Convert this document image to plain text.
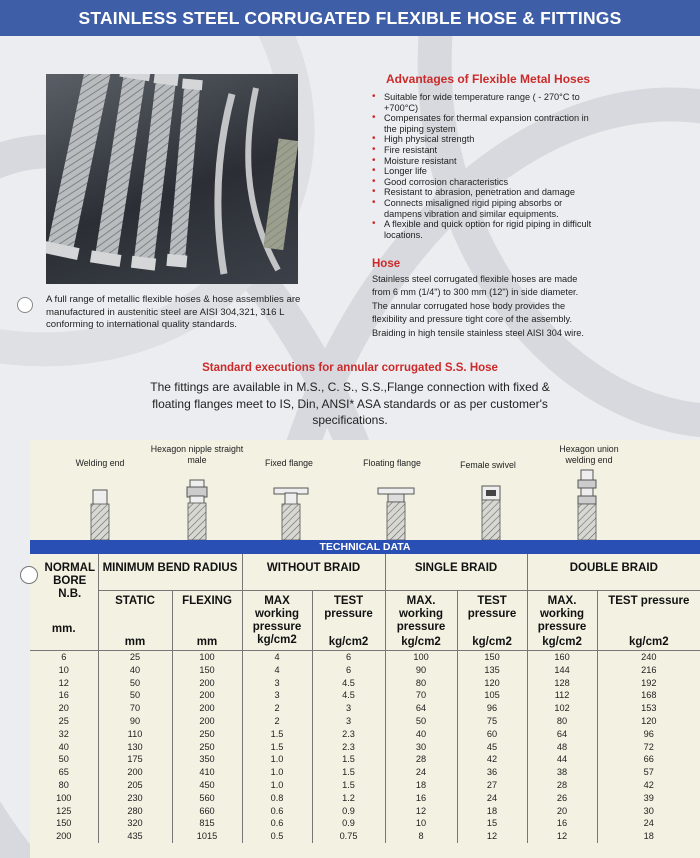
STAINLESS STEEL CORRUGATED FLEXIBLE HOSE & FITTINGS

A full range of metallic flexible hoses & hose assemblies are manufactured in austenitic steel are AISI 304,321, 316 L conforming to international quality standards.

Advantages of Flexible Metal Hoses
• Suitable for wide temperature range ( - 270°C to +700°C)
• Compensates for thermal expansion contraction in the piping system
• High physical strength
• Fire resistant
• Moisture resistant
• Longer life
• Good corrosion characteristics
• Resistant to abrasion, penetration and damage
• Connects misaligned rigid piping absorbs or dampens vibration and similar equipments.
• A flexible and quick option for rigid piping in difficult locations.
Hose

Stainless steel corrugated flexible hoses are made from 6 mm (1/4") to 300 mm (12") in side diameter. The annular corrugated hose body provides the flexibility and pressure tight core of the assembly. Braiding in high tensile stainless steel AISI 304 wire.

Standard executions for annular corrugated S.S. Hose

The fittings are available in M.S., C. S., S.S.,Flange connection with fixed & floating flanges meet to IS, Din, ANSI* ASA standards or as per customer's specifications.

Welding end
Hexagon nipple straight male	Fixed flange	Floating flange	Female swivel
Hexagon union welding end
TECHNICAL DATA
NORMAL BORE N.B.
mm.	MINIMUM BEND RADIUS		WITHOUT BRAID		SINGLE BRAID		DOUBLE BRAID	
	STATIC	FLEXING	MAX working pressure kg/cm2	TEST pressure	MAX. working pressure	TEST pressure	MAX. working pressure	TEST pressure
	mm	mm		kg/cm2	kg/cm2	kg/cm2	kg/cm2	kg/cm2
6	25	100	4	6	100	150	160	240
10	40	150	4	6	90	135	144	216
12	50	200	3	4.5	80	120	128	192
16	50	200	3	4.5	70	105	112	168
20	70	200	2	3	64	96	102	153
25	90	200	2	3	50	75	80	120
32	110	250	1.5	2.3	40	60	64	96
40	130	250	1.5	2.3	30	45	48	72
50	175	350	1.0	1.5	28	42	44	66
65	200	410	1.0	1.5	24	36	38	57
80	205	450	1.0	1.5	18	27	28	42
100	230	560	0.8	1.2	16	24	26	39
125	280	660	0.6	0.9	12	18	20	30
150	320	815	0.6	0.9	10	15	16	24
200	435	1015	0.5	0.75	8	12	12	18
